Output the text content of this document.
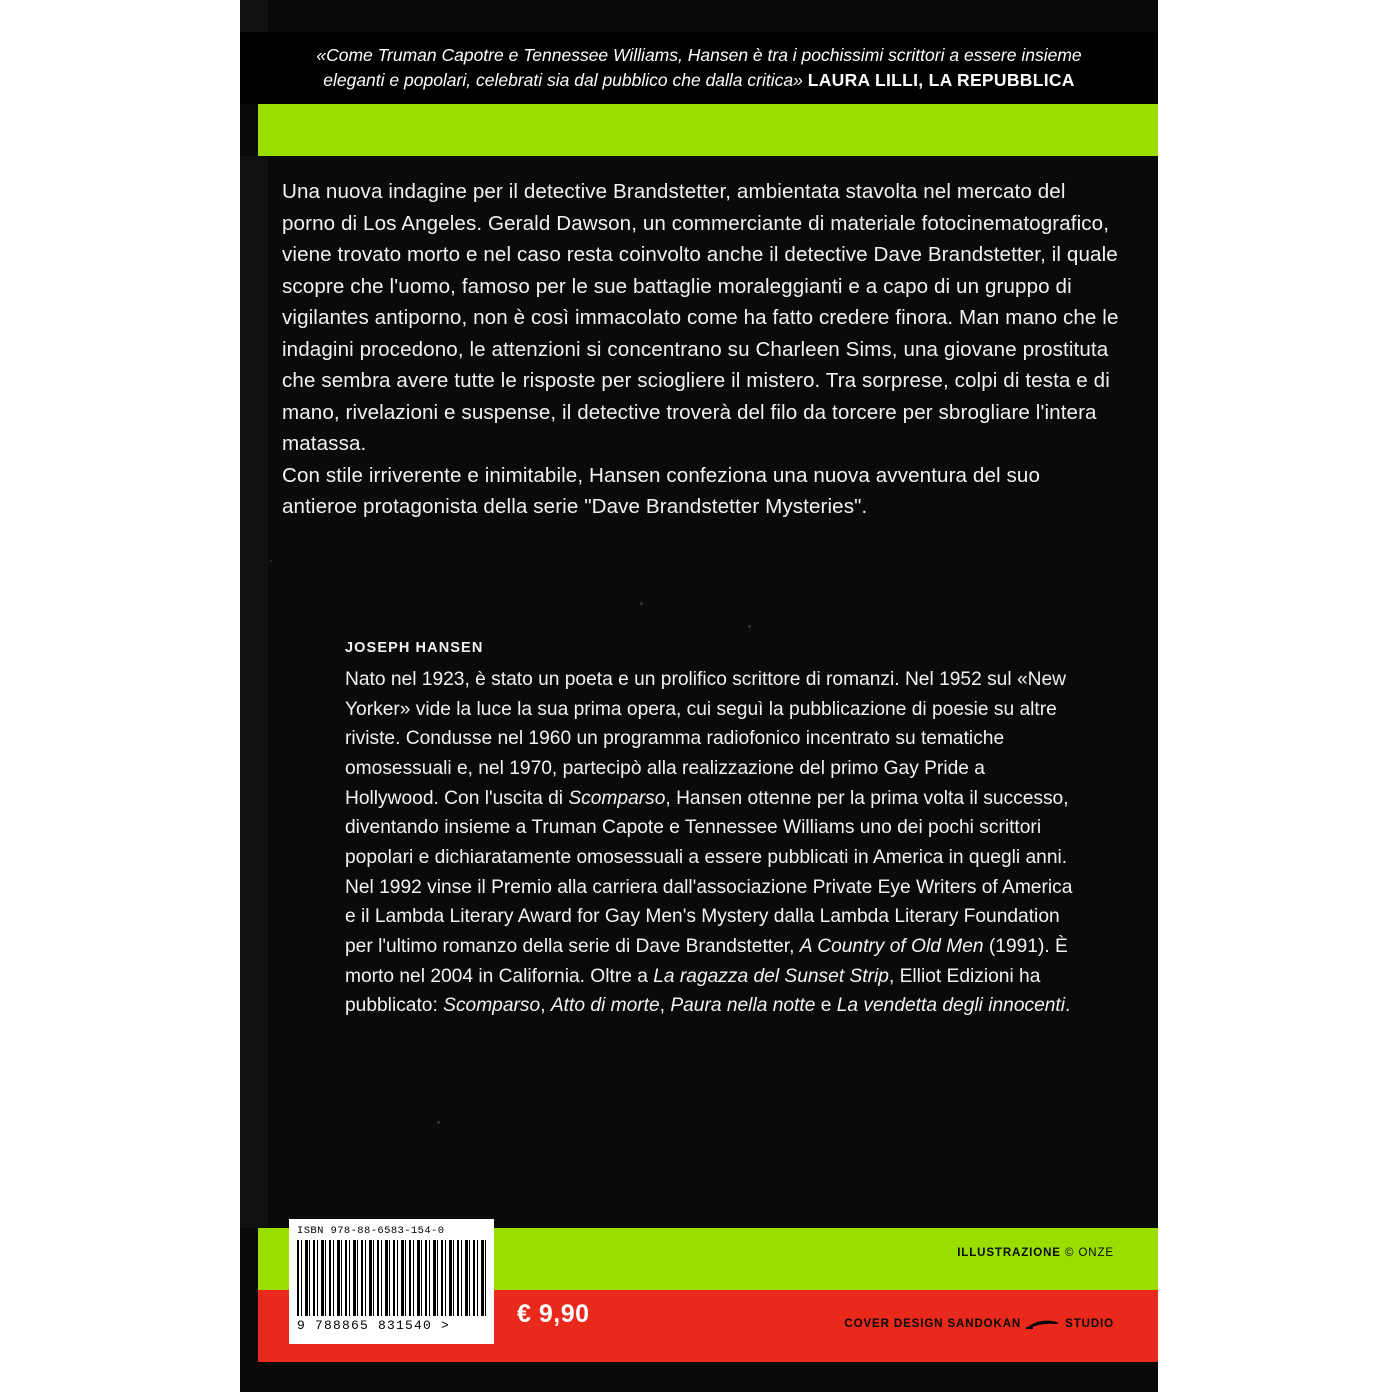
«Come Truman Capotre e Tennessee Williams, Hansen è tra i pochissimi scrittori a essere insieme eleganti e popolari, celebrati sia dal pubblico che dalla critica» LAURA LILLI, LA REPUBBLICA

Una nuova indagine per il detective Brandstetter, ambientata stavolta nel mercato del porno di Los Angeles. Gerald Dawson, un commerciante di materiale fotocinematografico, viene trovato morto e nel caso resta coinvolto anche il detective Dave Brandstetter, il quale scopre che l'uomo, famoso per le sue battaglie moraleggianti e a capo di un gruppo di vigilantes antiporno, non è così immacolato come ha fatto credere finora. Man mano che le indagini procedono, le attenzioni si concentrano su Charleen Sims, una giovane prostituta che sembra avere tutte le risposte per sciogliere il mistero. Tra sorprese, colpi di testa e di mano, rivelazioni e suspense, il detective troverà del filo da torcere per sbrogliare l'intera matassa.

Con stile irriverente e inimitabile, Hansen confeziona una nuova avventura del suo antieroe protagonista della serie "Dave Brandstetter Mysteries".

JOSEPH HANSEN
Nato nel 1923, è stato un poeta e un prolifico scrittore di romanzi. Nel 1952 sul «New Yorker» vide la luce la sua prima opera, cui seguì la pubblicazione di poesie su altre riviste. Condusse nel 1960 un programma radiofonico incentrato su tematiche omosessuali e, nel 1970, partecipò alla realizzazione del primo Gay Pride a Hollywood. Con l'uscita di Scomparso, Hansen ottenne per la prima volta il successo, diventando insieme a Truman Capote e Tennessee Williams uno dei pochi scrittori popolari e dichiaratamente omosessuali a essere pubblicati in America in quegli anni. Nel 1992 vinse il Premio alla carriera dall'associazione Private Eye Writers of America e il Lambda Literary Award for Gay Men's Mystery dalla Lambda Literary Foundation per l'ultimo romanzo della serie di Dave Brandstetter, A Country of Old Men (1991). È morto nel 2004 in California. Oltre a La ragazza del Sunset Strip, Elliot Edizioni ha pubblicato: Scomparso, Atto di morte, Paura nella notte e La vendetta degli innocenti.
ISBN 978-88-6583-154-0
9 788865 831540 >	€ 9,90
ILLUSTRAZIONE © ONZE
COVER DESIGN SANDOKAN	STUDIO
